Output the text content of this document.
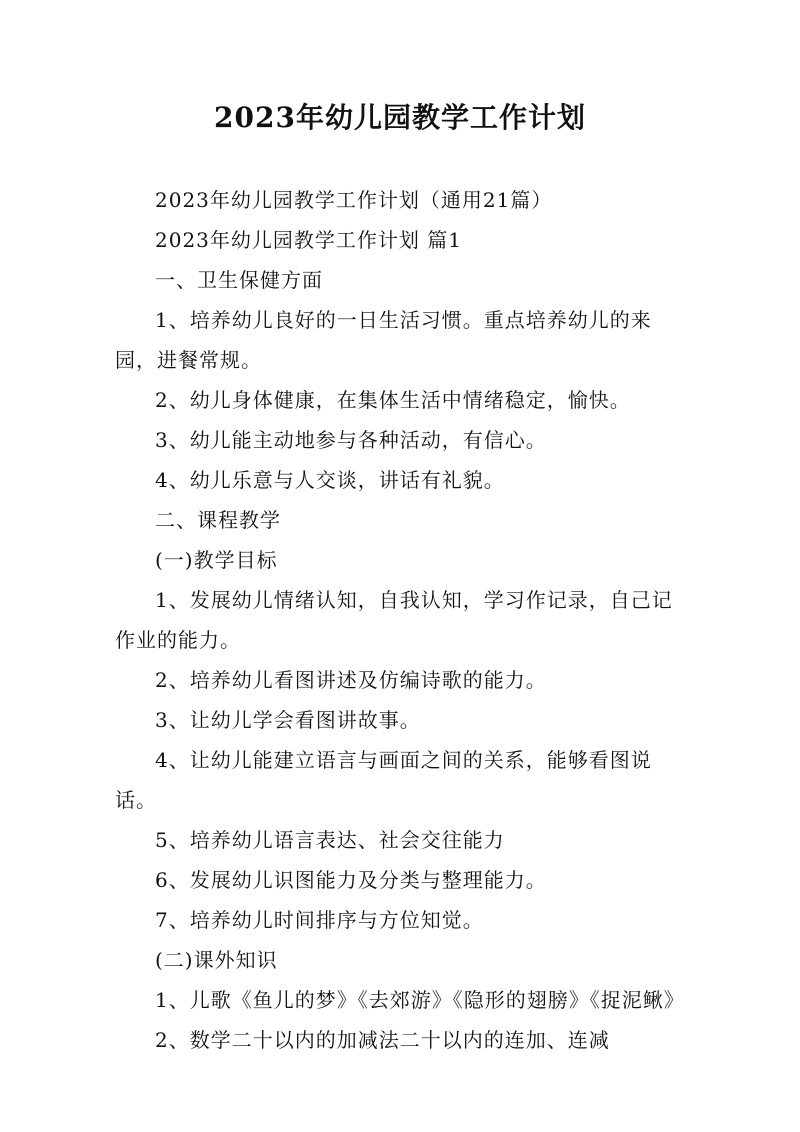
2023年幼儿园教学工作计划

2023年幼儿园教学工作计划（通用21篇）

2023年幼儿园教学工作计划 篇1

一、卫生保健方面

1、培养幼儿良好的一日生活习惯。重点培养幼儿的来园，进餐常规。

2、幼儿身体健康，在集体生活中情绪稳定，愉快。

3、幼儿能主动地参与各种活动，有信心。

4、幼儿乐意与人交谈，讲话有礼貌。

二、课程教学

(一)教学目标

1、发展幼儿情绪认知，自我认知，学习作记录，自己记作业的能力。

2、培养幼儿看图讲述及仿编诗歌的能力。

3、让幼儿学会看图讲故事。

4、让幼儿能建立语言与画面之间的关系，能够看图说话。

5、培养幼儿语言表达、社会交往能力

6、发展幼儿识图能力及分类与整理能力。

7、培养幼儿时间排序与方位知觉。

(二)课外知识

1、儿歌《鱼儿的梦》《去郊游》《隐形的翅膀》《捉泥鳅》

2、数学二十以内的加减法二十以内的连加、连减
